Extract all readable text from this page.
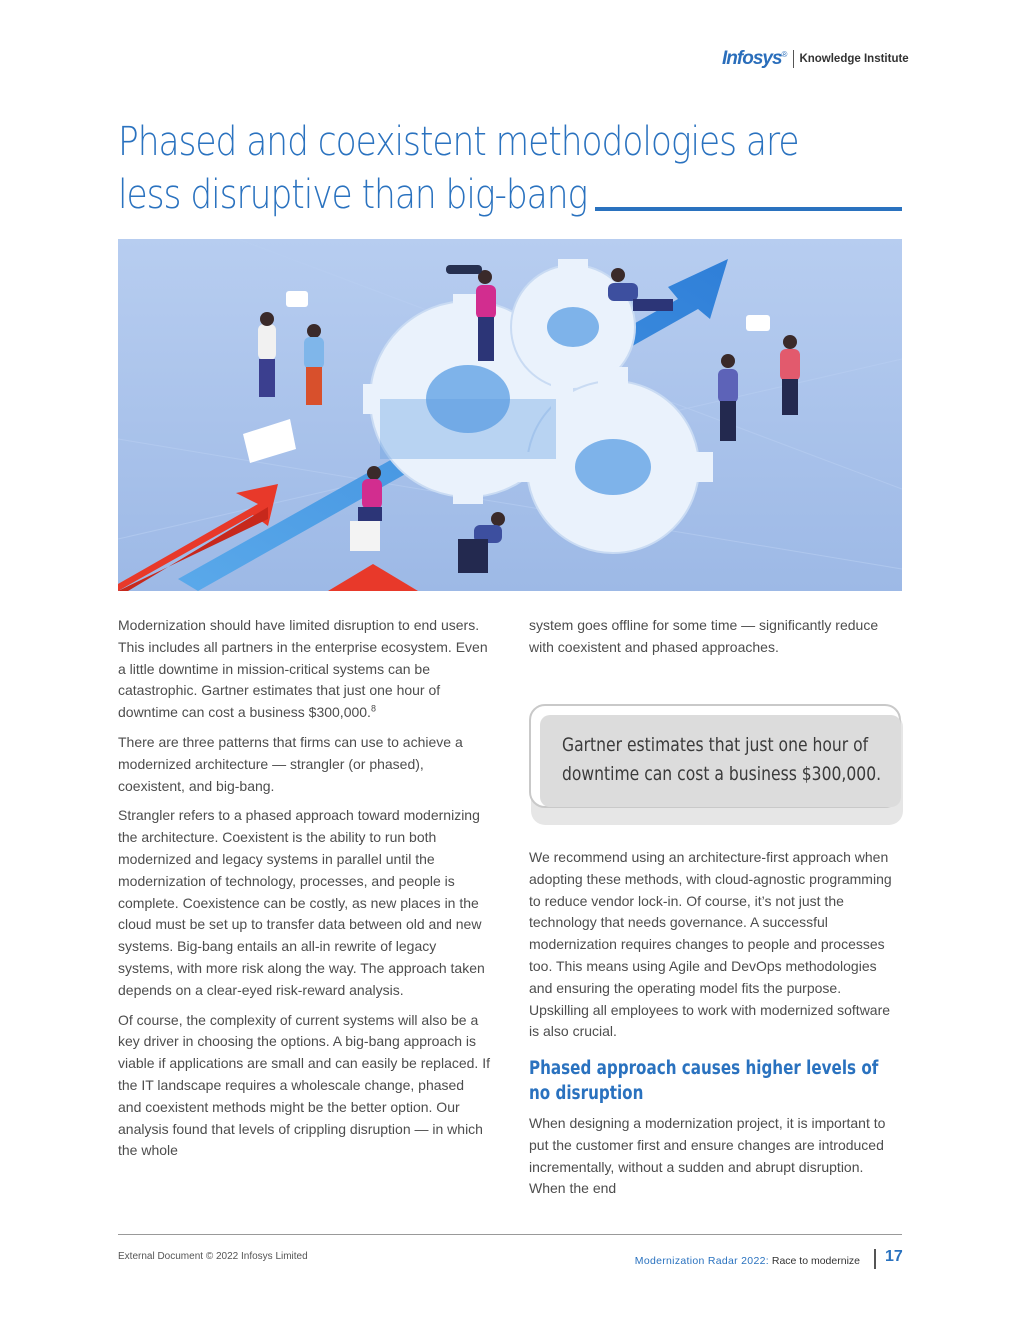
Infosys ® Knowledge Institute
Phased and coexistent methodologies are
less disruptive than big-bang

Modernization should have limited disruption to end users. This includes all partners in the enterprise ecosystem. Even a little downtime in mission-critical systems can be catastrophic. Gartner estimates that just one hour of downtime can cost a business $300,000.$^8$

There are three patterns that firms can use to achieve a modernized architecture — strangler (or phased), coexistent, and big-bang.

Strangler refers to a phased approach toward modernizing the architecture. Coexistent is the ability to run both modernized and legacy systems in parallel until the modernization of technology, processes, and people is complete. Coexistence can be costly, as new places in the cloud must be set up to transfer data between old and new systems. Big-bang entails an all-in rewrite of legacy systems, with more risk along the way. The approach taken depends on a clear-eyed risk-reward analysis.

Of course, the complexity of current systems will also be a key driver in choosing the options. A big-bang approach is viable if applications are small and can easily be replaced. If the IT landscape requires a wholescale change, phased and coexistent methods might be the better option. Our analysis found that levels of crippling disruption — in which the whole

system goes offline for some time — significantly reduce with coexistent and phased approaches.

Gartner estimates that just one hour of downtime can cost a business $300,000.

We recommend using an architecture-first approach when adopting these methods, with cloud-agnostic programming to reduce vendor lock-in. Of course, it’s not just the technology that needs governance. A successful modernization requires changes to people and processes too. This means using Agile and DevOps methodologies and ensuring the operating model fits the purpose. Upskilling all employees to work with modernized software is also crucial.

Phased approach causes higher levels of no disruption

When designing a modernization project, it is important to put the customer first and ensure changes are introduced incrementally, without a sudden and abrupt disruption. When the end

External Document © 2022 Infosys Limited	Modernization Radar 2022: Race to modernize 17
